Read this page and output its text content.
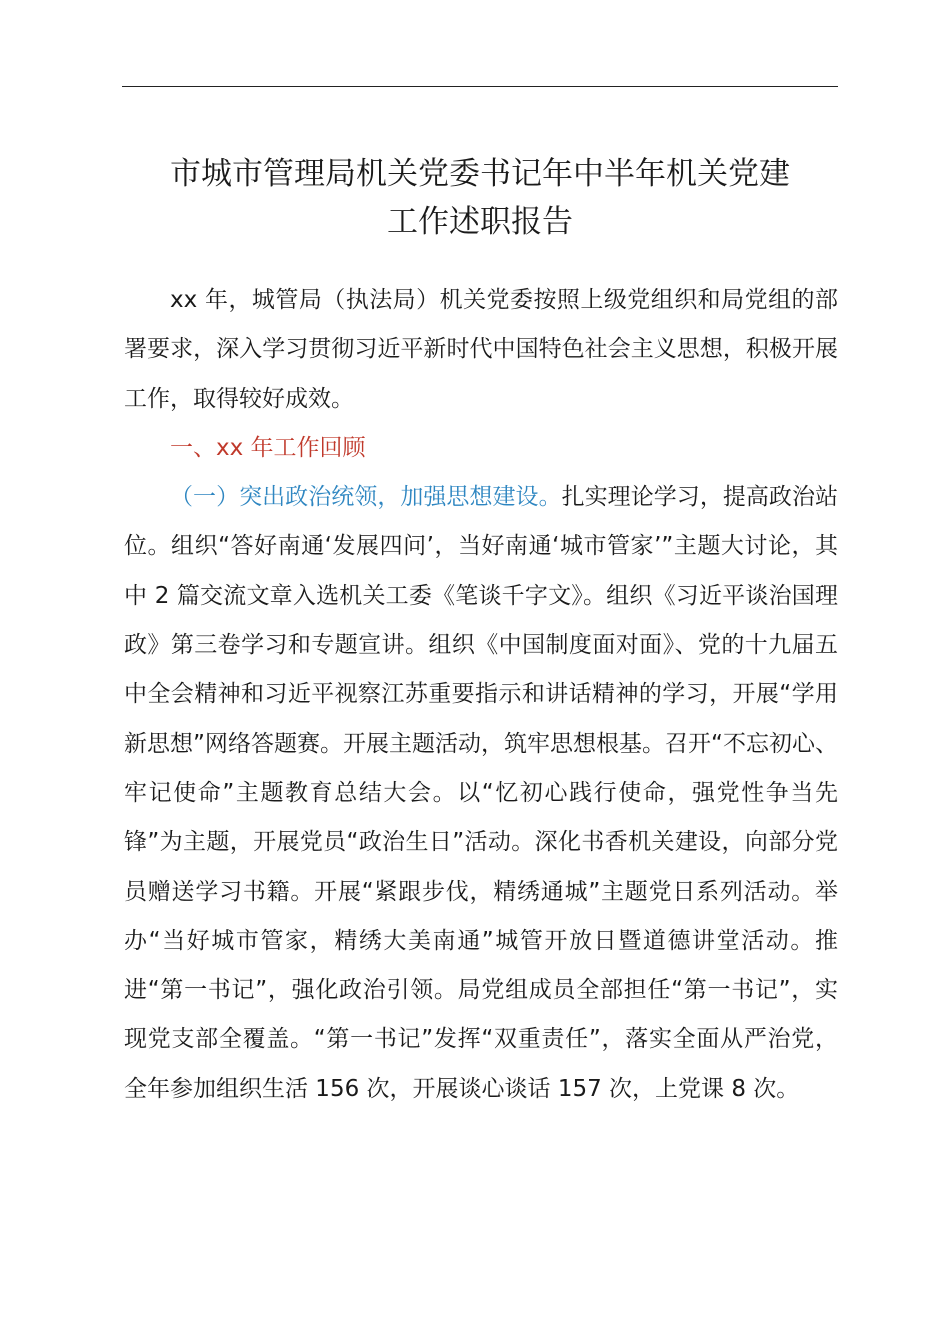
市城市管理局机关党委书记年中半年机关党建
工作述职报告

xx 年，城管局（执法局）机关党委按照上级党组织和局党组的部署要求，深入学习贯彻习近平新时代中国特色社会主义思想，积极开展工作，取得较好成效。

一、xx 年工作回顾

（一）突出政治统领，加强思想建设。扎实理论学习，提高政治站位。组织“答好南通‘发展四问’，当好南通‘城市管家’”主题大讨论，其中 2 篇交流文章入选机关工委《笔谈千字文》。组织《习近平谈治国理政》第三卷学习和专题宣讲。组织《中国制度面对面》、党的十九届五中全会精神和习近平视察江苏重要指示和讲话精神的学习，开展“学用新思想”网络答题赛。开展主题活动，筑牢思想根基。召开“不忘初心、牢记使命”主题教育总结大会。以“忆初心践行使命，强党性争当先锋”为主题，开展党员“政治生日”活动。深化书香机关建设，向部分党员赠送学习书籍。开展“紧跟步伐，精绣通城”主题党日系列活动。举办“当好城市管家，精绣大美南通”城管开放日暨道德讲堂活动。推进“第一书记”，强化政治引领。局党组成员全部担任“第一书记”，实现党支部全覆盖。“第一书记”发挥“双重责任”，落实全面从严治党，全年参加组织生活 156 次，开展谈心谈话 157 次，上党课 8 次。
